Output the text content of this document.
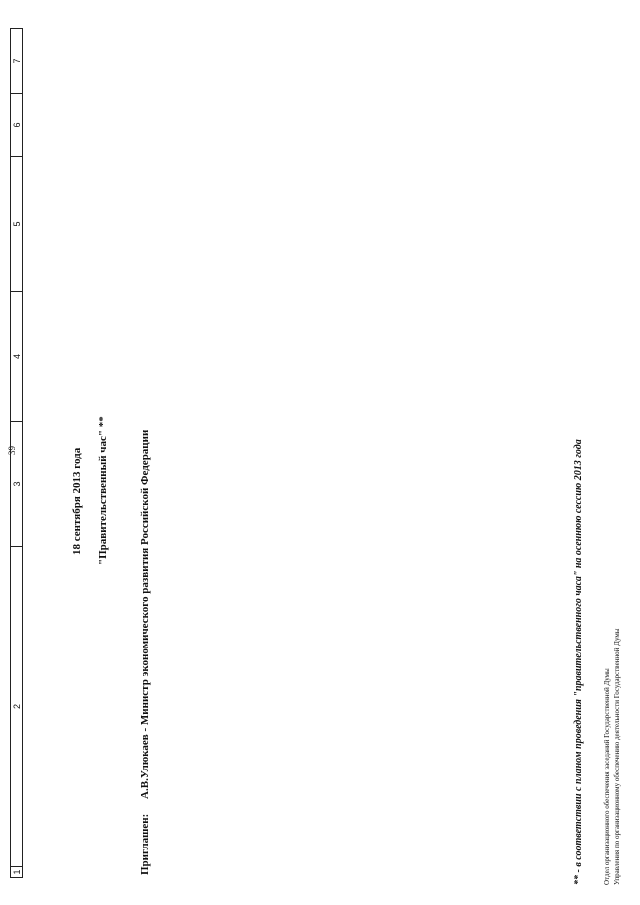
39
1
2
3
4
5
6
7
18 сентября 2013 года "Правительственный час" **
Приглашен: А.В.Улюкаев - Министр экономического развития Российской Федерации	** - в соответствии с планом проведения "правительственного часа" на осеннюю сессию 2013 года	Отдел организационного обеспечения заседаний Государственной Думы Управления по организационному обеспечению деятельности Государственной Думы
